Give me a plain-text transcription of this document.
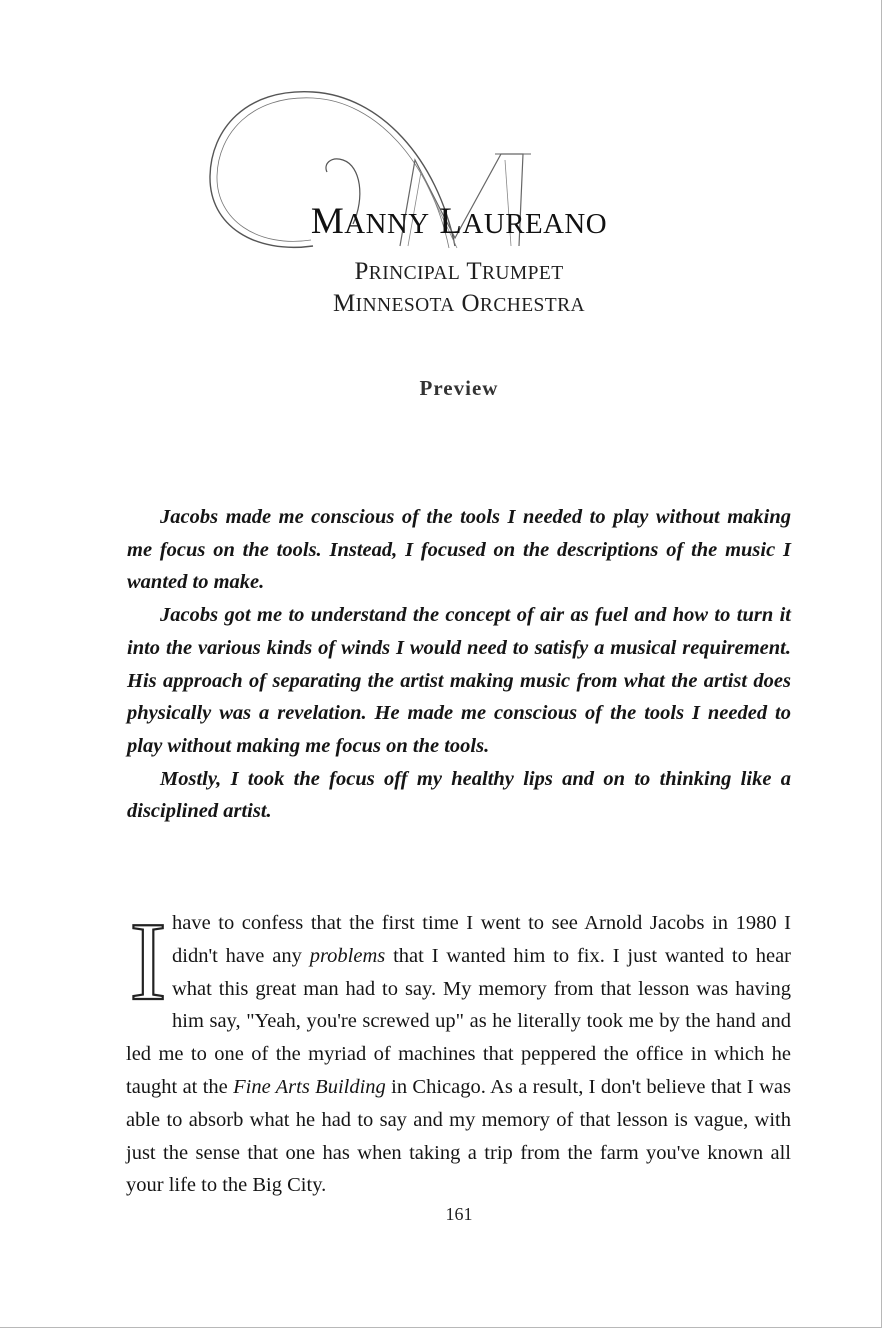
MANNY LAUREANO
PRINCIPAL TRUMPET
MINNESOTA ORCHESTRA
Preview

Jacobs made me conscious of the tools I needed to play without making me focus on the tools. Instead, I focused on the descriptions of the music I wanted to make.

Jacobs got me to understand the concept of air as fuel and how to turn it into the various kinds of winds I would need to satisfy a musical requirement. His approach of separating the artist making music from what the artist does physically was a revelation. He made me conscious of the tools I needed to play without making me focus on the tools.

Mostly, I took the focus off my healthy lips and on to thinking like a disciplined artist.

I have to confess that the first time I went to see Arnold Jacobs in 1980 I didn't have any problems that I wanted him to fix. I just wanted to hear what this great man had to say. My memory from that lesson was having him say, "Yeah, you're screwed up" as he literally took me by the hand and led me to one of the myriad of machines that peppered the office in which he taught at the Fine Arts Building in Chicago. As a result, I don't believe that I was able to absorb what he had to say and my memory of that lesson is vague, with just the sense that one has when taking a trip from the farm you've known all your life to the Big City.

161
